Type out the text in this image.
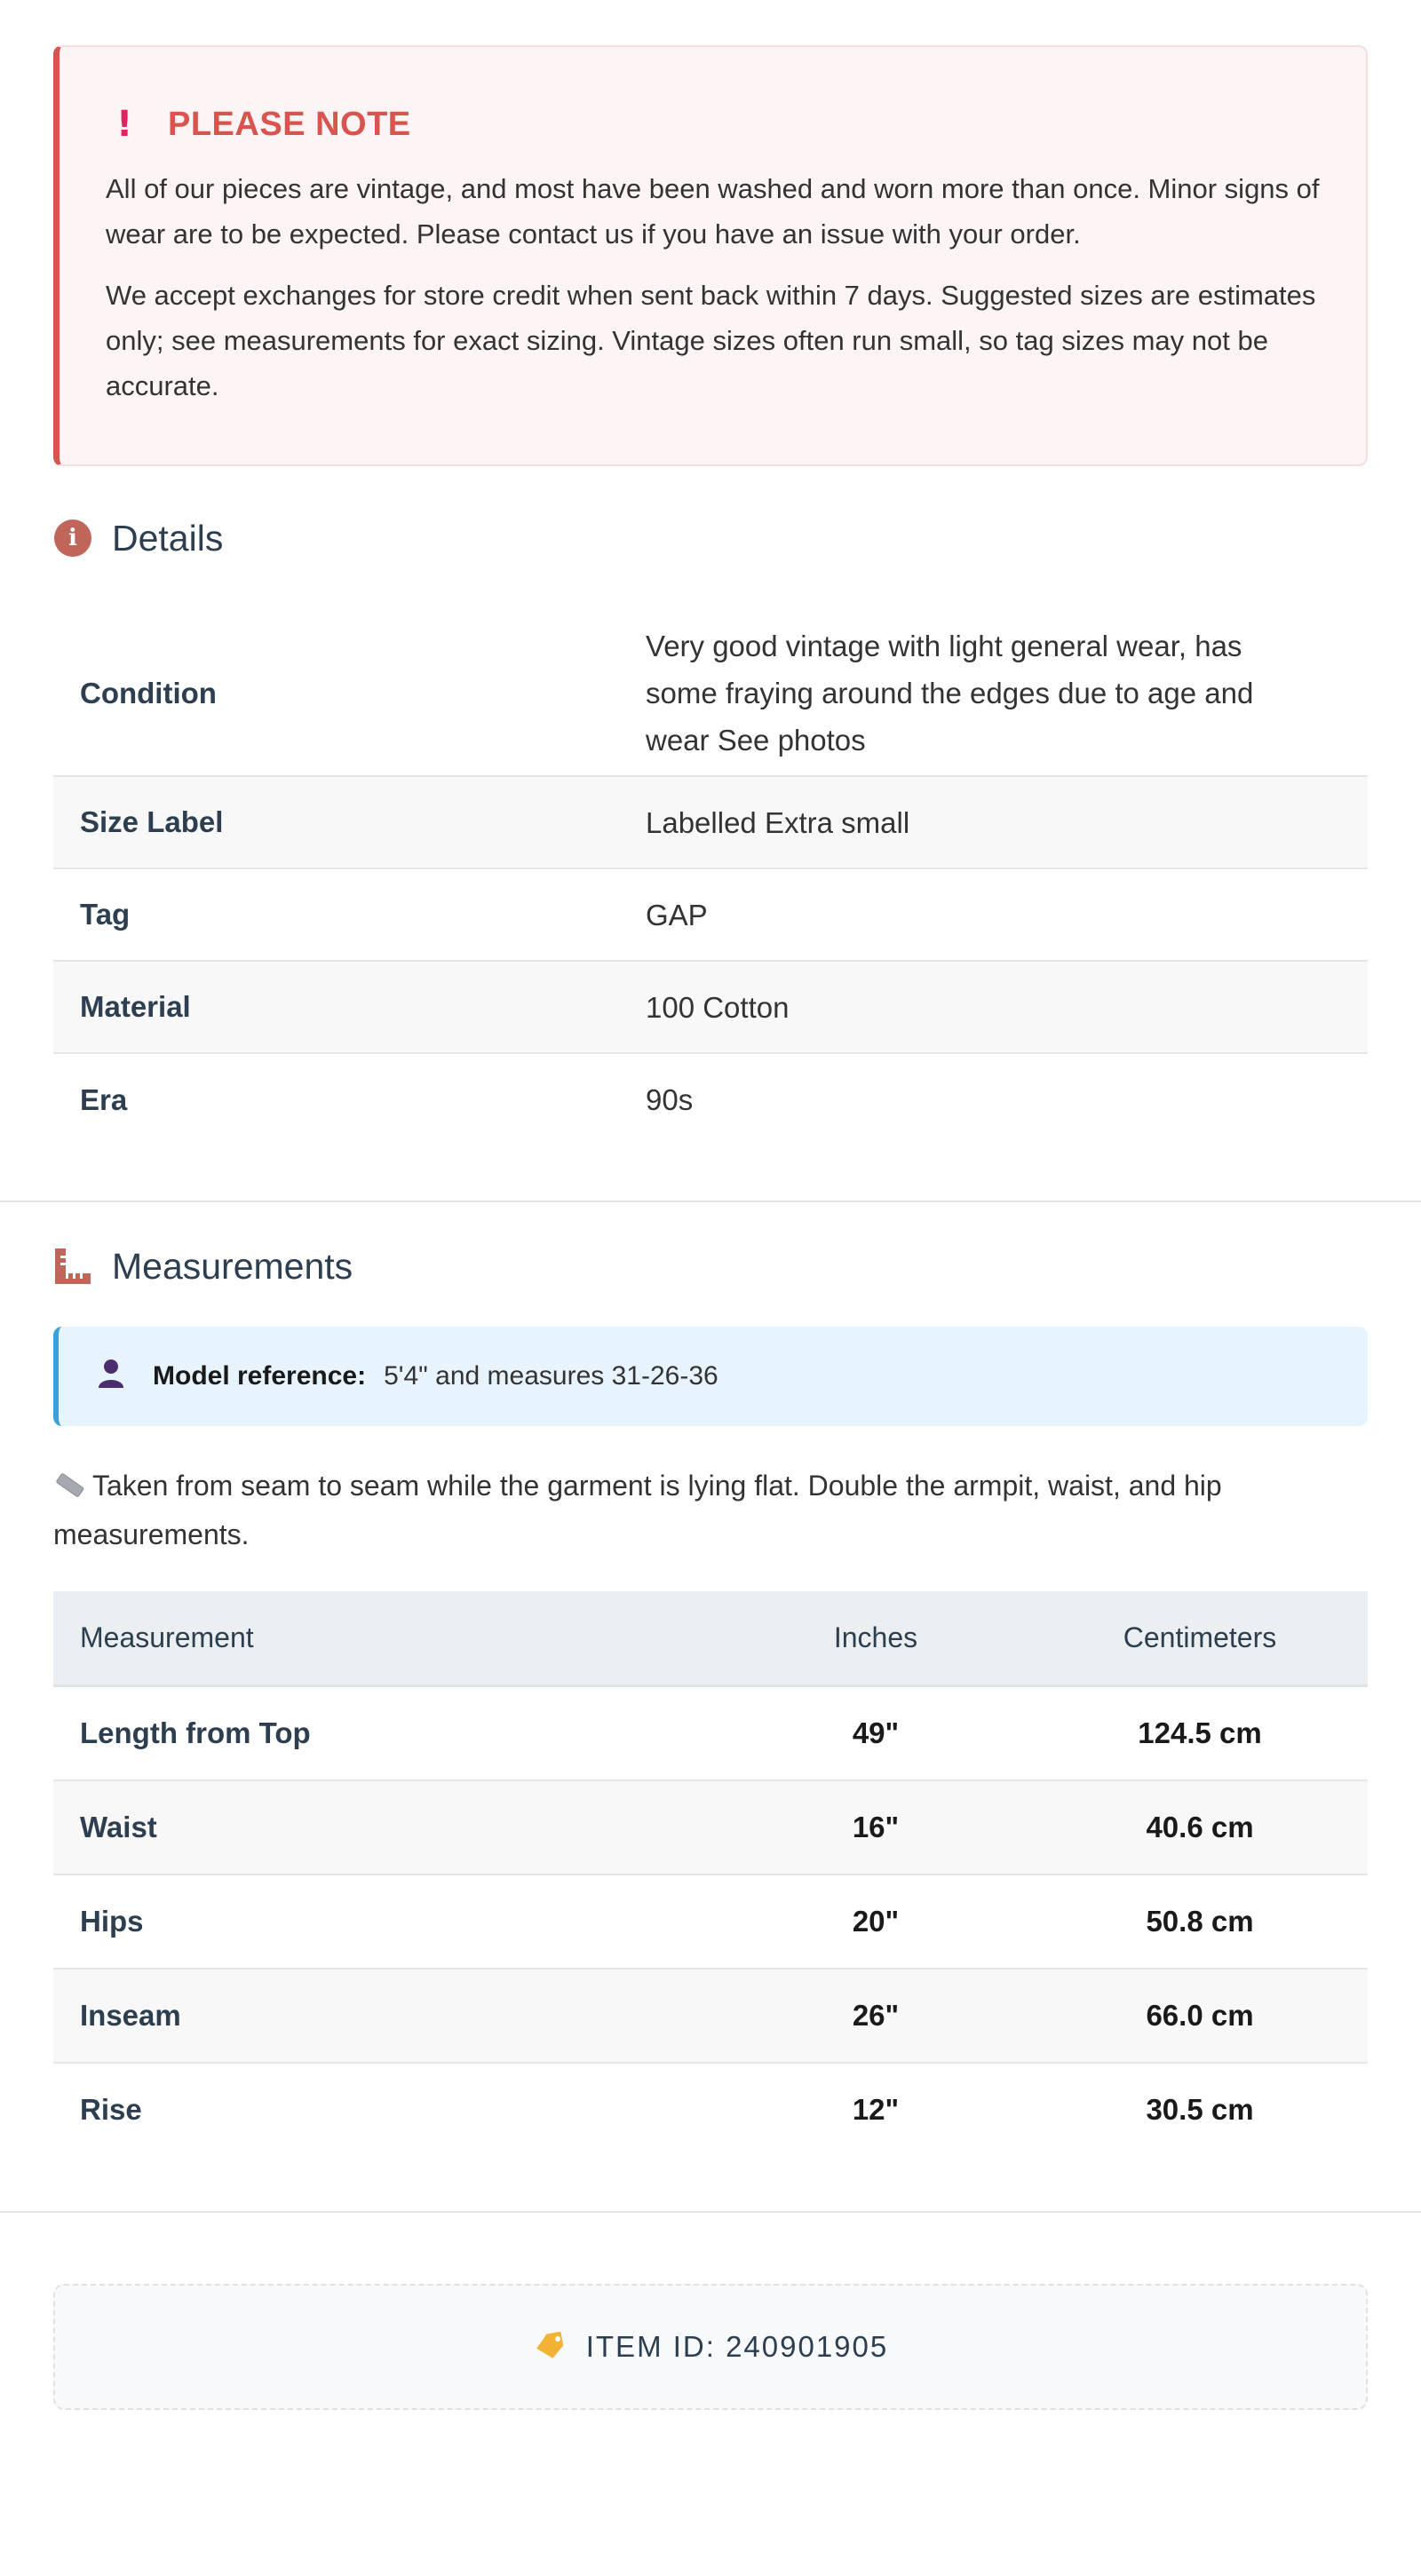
!	PLEASE NOTE

All of our pieces are vintage, and most have been washed and worn more than once. Minor signs of wear are to be expected. Please contact us if you have an issue with your order.

We accept exchanges for store credit when sent back within 7 days. Suggested sizes are estimates only; see measurements for exact sizing. Vintage sizes often run small, so tag sizes may not be accurate.

i Details
Condition	Very good vintage with light general wear, has some fraying around the edges due to age and wear See photos
Size Label	Labelled Extra small
Tag	GAP
Material	100 Cotton
Era	90s
Measurements
Model reference: 5'4" and measures 31-26-36
Taken from seam to seam while the garment is lying flat. Double the armpit, waist, and hip measurements.
Measurement	Inches	Centimeters
Length from Top	49"	124.5 cm
Waist	16"	40.6 cm
Hips	20"	50.8 cm
Inseam	26"	66.0 cm
Rise	12"	30.5 cm
ITEM ID: 240901905
